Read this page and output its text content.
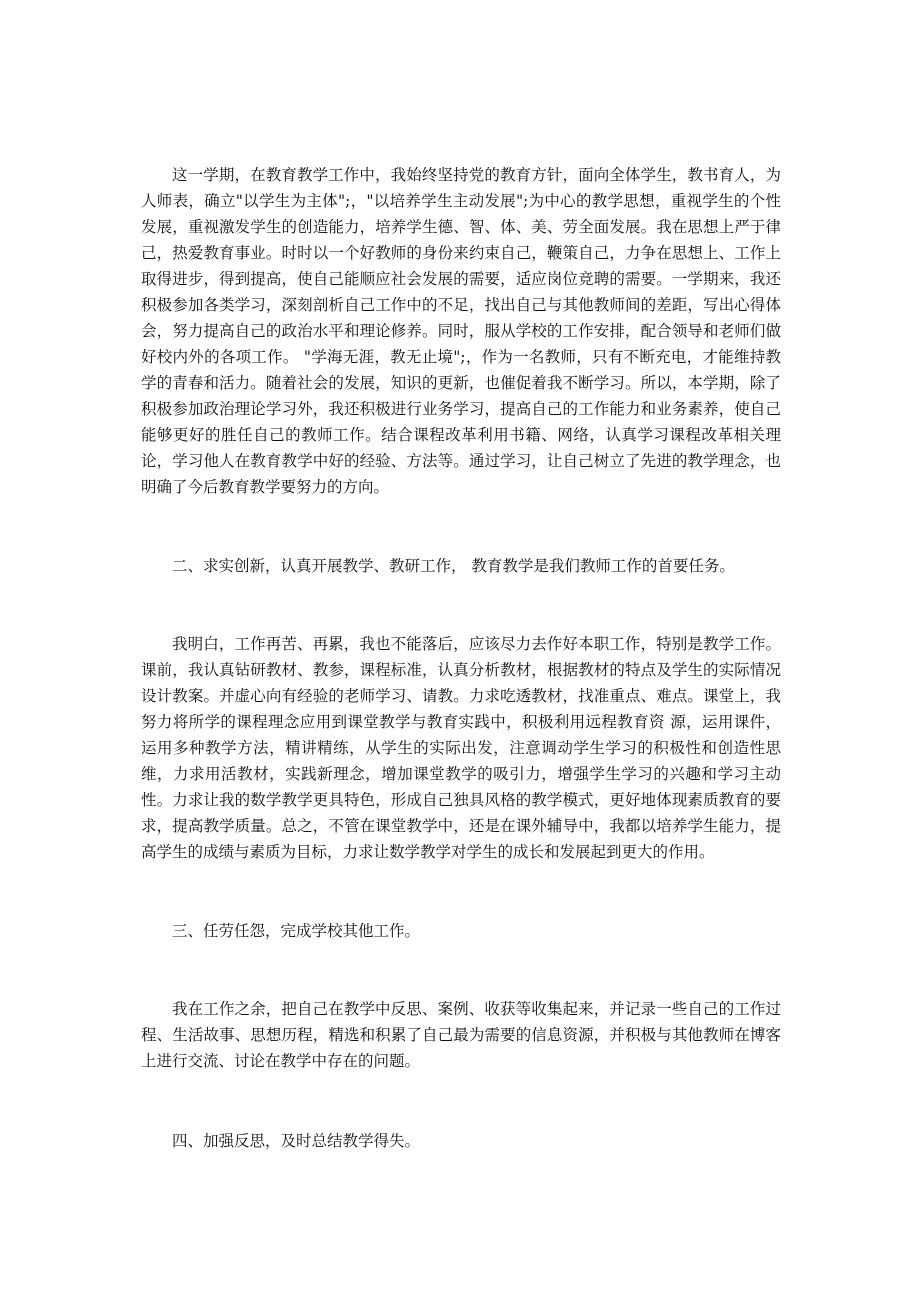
这一学期，在教育教学工作中，我始终坚持党的教育方针，面向全体学生，教书育人，为人师表，确立"以学生为主体";，"以培养学生主动发展";为中心的教学思想，重视学生的个性发展，重视激发学生的创造能力，培养学生德、智、体、美、劳全面发展。我在思想上严于律己，热爱教育事业。时时以一个好教师的身份来约束自己，鞭策自己，力争在思想上、工作上取得进步，得到提高，使自己能顺应社会发展的需要，适应岗位竞聘的需要。一学期来，我还积极参加各类学习，深刻剖析自己工作中的不足，找出自己与其他教师间的差距，写出心得体会，努力提高自己的政治水平和理论修养。同时，服从学校的工作安排，配合领导和老师们做好校内外的各项工作。 "学海无涯，教无止境";，作为一名教师，只有不断充电，才能维持教学的青春和活力。随着社会的发展，知识的更新，也催促着我不断学习。所以，本学期，除了积极参加政治理论学习外，我还积极进行业务学习，提高自己的工作能力和业务素养，使自己能够更好的胜任自己的教师工作。结合课程改革利用书籍、网络，认真学习课程改革相关理论，学习他人在教育教学中好的经验、方法等。通过学习，让自己树立了先进的教学理念，也明确了今后教育教学要努力的方向。

二、求实创新，认真开展教学、教研工作， 教育教学是我们教师工作的首要任务。

我明白，工作再苦、再累，我也不能落后，应该尽力去作好本职工作，特别是教学工作。课前，我认真钻研教材、教参，课程标准，认真分析教材，根据教材的特点及学生的实际情况设计教案。并虚心向有经验的老师学习、请教。力求吃透教材，找准重点、难点。课堂上，我努力将所学的课程理念应用到课堂教学与教育实践中，积极利用远程教育资 源，运用课件，运用多种教学方法，精讲精练，从学生的实际出发，注意调动学生学习的积极性和创造性思维，力求用活教材，实践新理念，增加课堂教学的吸引力，增强学生学习的兴趣和学习主动性。力求让我的数学教学更具特色，形成自己独具风格的教学模式，更好地体现素质教育的要求，提高教学质量。总之，不管在课堂教学中，还是在课外辅导中，我都以培养学生能力，提高学生的成绩与素质为目标，力求让数学教学对学生的成长和发展起到更大的作用。

三、任劳任怨，完成学校其他工作。

我在工作之余，把自己在教学中反思、案例、收获等收集起来，并记录一些自己的工作过程、生活故事、思想历程，精选和积累了自己最为需要的信息资源，并积极与其他教师在博客上进行交流、讨论在教学中存在的问题。

四、加强反思，及时总结教学得失。
